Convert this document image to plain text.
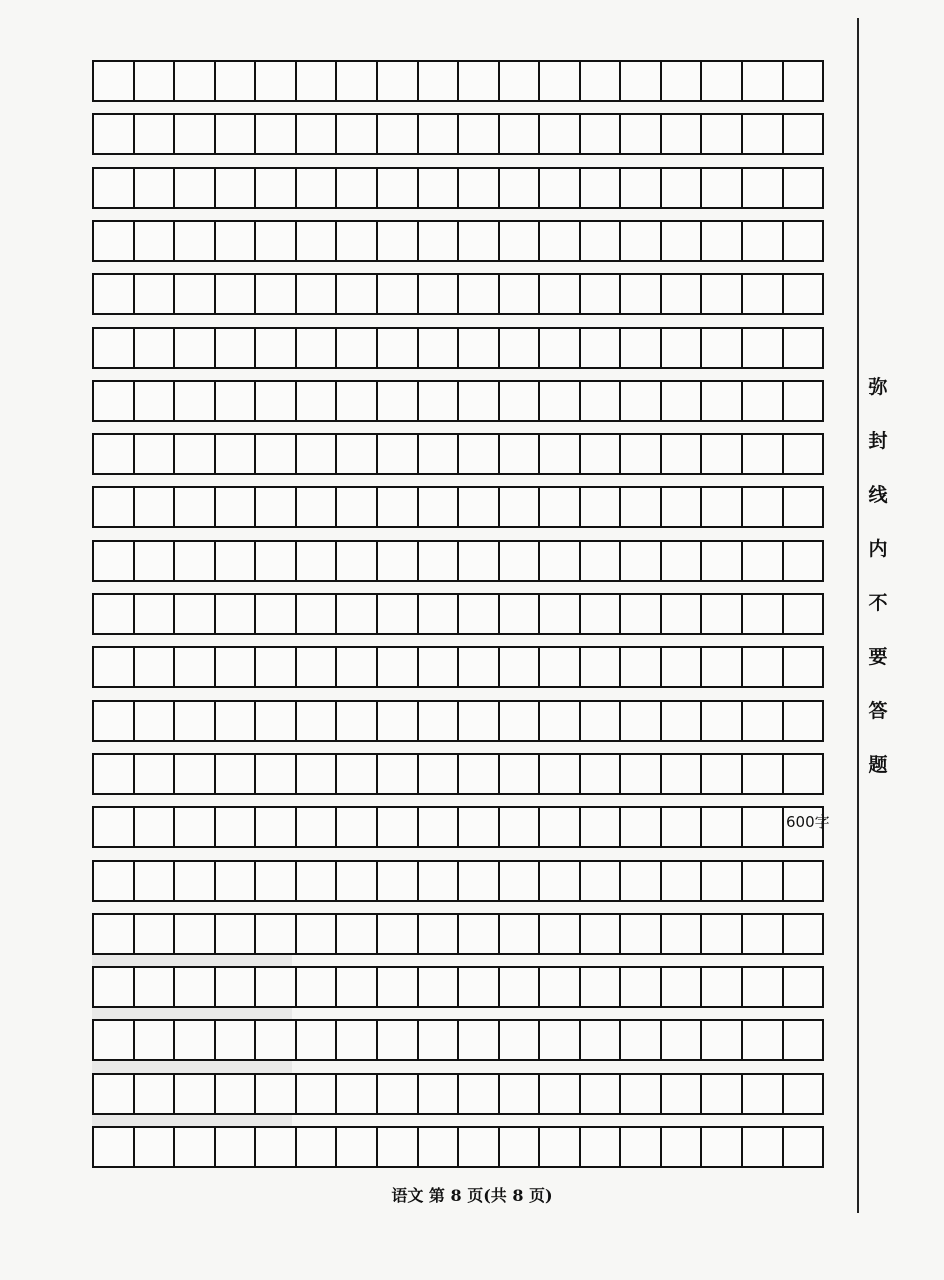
600字
弥
封
线
内
不
要
答
题
语文 第 8 页(共 8 页)
